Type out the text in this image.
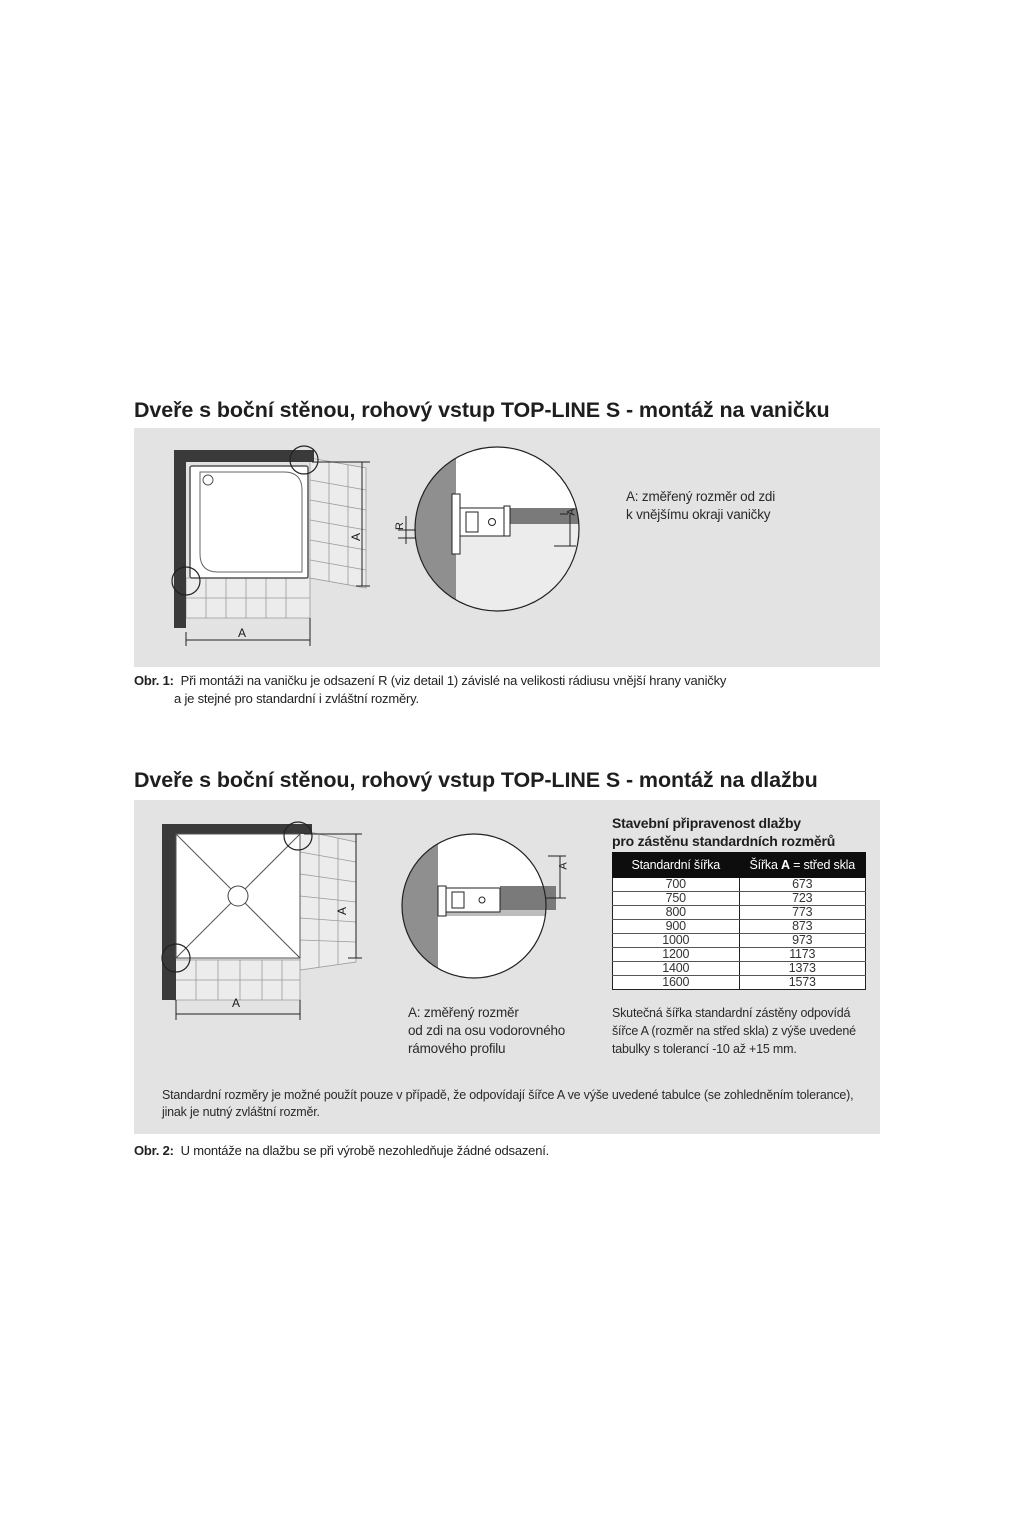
Dveře s boční stěnou, rohový vstup TOP-LINE S - montáž na vaničku
A
A
R
A
A: změřený rozměr od zdi
k vnějšímu okraji vaničky
Obr. 1: Při montáži na vaničku je odsazení R (viz detail 1) závislé na velikosti rádiusu vnější hrany vaničky
a je stejné pro standardní i zvláštní rozměry.
Dveře s boční stěnou, rohový vstup TOP-LINE S - montáž na dlažbu
A
A
A
A: změřený rozměr
od zdi na osu vodorovného
rámového profilu
Stavební připravenost dlažby
pro zástěnu standardních rozměrů
Standardní šířka	Šířka A = střed skla
700	673
750	723
800	773
900	873
1000	973
1200	1173
1400	1373
1600	1573
Skutečná šířka standardní zástěny odpovídá
šířce A (rozměr na střed skla) z výše uvedené
tabulky s tolerancí -10 až +15 mm.
Standardní rozměry je možné použít pouze v případě, že odpovídají šířce A ve výše uvedené tabulce (se zohledněním tolerance),
jinak je nutný zvláštní rozměr.
Obr. 2: U montáže na dlažbu se při výrobě nezohledňuje žádné odsazení.
